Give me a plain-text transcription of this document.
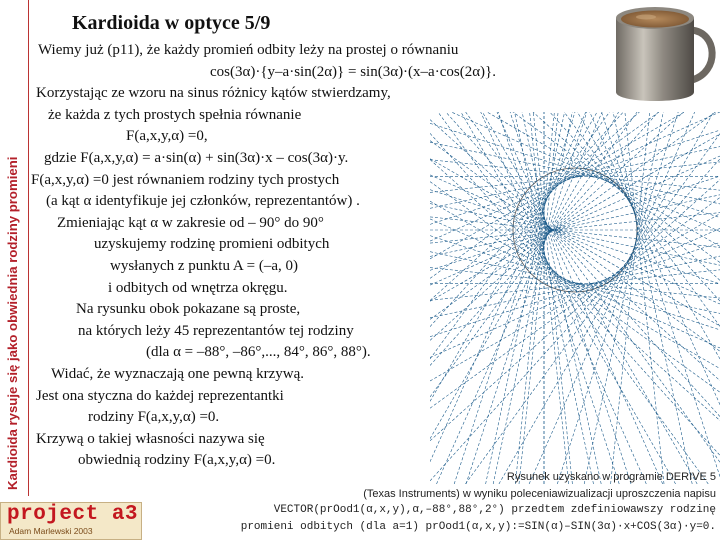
Kardioida rysuje się jako obwiednia rodziny promieni
Kardioida w optyce 5/9
Wiemy już (p11), że każdy promień odbity leży na prostej o równaniu
cos(3α)·{y–a·sin(2α)} = sin(3α)·(x–a·cos(2α)}.
Korzystając ze wzoru na sinus różnicy kątów stwierdzamy,
że każda z tych prostych spełnia równanie
F(a,x,y,α) =0,
gdzie F(a,x,y,α) = a·sin(α) + sin(3α)·x – cos(3α)·y.
F(a,x,y,α) =0 jest równaniem rodziny tych prostych
(a kąt α identyfikuje jej członków, reprezentantów) .
Zmieniając kąt α w zakresie od – 90° do 90°
uzyskujemy rodzinę promieni odbitych
wysłanych z punktu A = (–a, 0)
i odbitych od wnętrza okręgu.
Na rysunku obok pokazane są proste,
na których leży 45 reprezentantów tej rodziny
(dla α = –88°, –86°,..., 84°, 86°, 88°).
Widać, że wyznaczają one pewną krzywą.
Jest ona styczna do każdej reprezentantki
rodziny F(a,x,y,α) =0.
Krzywą o takiej własności nazywa się
obwiednią rodziny F(a,x,y,α) =0.
Rysunek uzyskano w programie DERIVE 5
(Texas Instruments) w wyniku poleceniawizualizacji uproszczenia napisu
VECTOR(prOod1(α,x,y),α,–88°,88°,2°) przedtem zdefiniowawszy rodzinę
promieni odbitych (dla a=1) prOod1(α,x,y):=SIN(α)–SIN(3α)·x+COS(3α)·y=0.
project a3
Adam Marlewski 2003
